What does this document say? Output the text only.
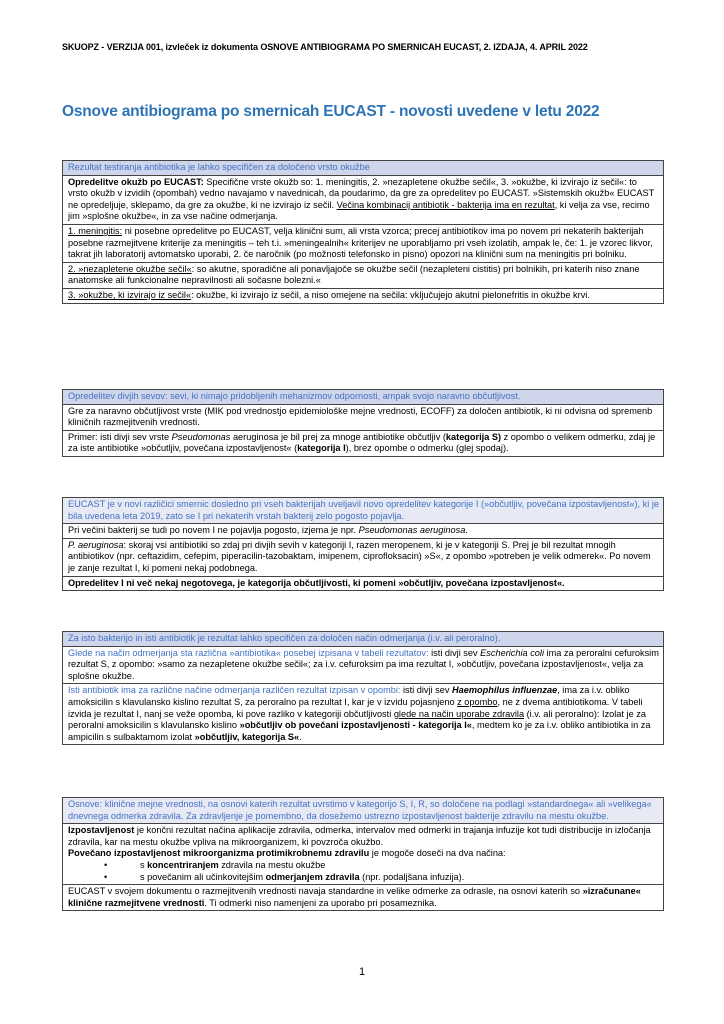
SKUOPZ - VERZIJA 001, izvleček iz dokumenta OSNOVE ANTIBIOGRAMA PO SMERNICAH EUCAST, 2. IZDAJA, 4. APRIL 2022
Osnove antibiograma po smernicah EUCAST - novosti uvedene v letu 2022
Rezultat testiranja antibiotika je lahko specifičen za določeno vrsto okužbe
Opredelitve okužb po EUCAST: Specifične vrste okužb so: 1. meningitis, 2. »nezapletene okužbe sečil«, 3. »okužbe, ki izvirajo iz sečil«: to vrsto okužb v izvidih (opombah) vedno navajamo v navednicah, da poudarimo, da gre za opredelitev po EUCAST. »Sistemskih okužb« EUCAST ne opredeljuje, sklepamo, da gre za okužbe, ki ne izvirajo iz sečil. Večina kombinacij antibiotik - bakterija ima en rezultat, ki velja za vse, recimo jim »splošne okužbe«, in za vse načine odmerjanja.
1. meningitis: ni posebne opredelitve po EUCAST, velja klinični sum, ali vrsta vzorca; precej antibiotikov ima po novem pri nekaterih bakterijah posebne razmejitvene kriterije za meningitis – teh t.i. »meningealnih« kriterijev ne uporabljamo pri vseh izolatih, ampak le, če: 1. je vzorec likvor, takrat jih laboratorij avtomatsko uporabi, 2. če naročnik (po možnosti telefonsko in pisno) opozori na klinični sum na meningitis pri bolniku.
2. »nezapletene okužbe sečil«: so akutne, sporadične ali ponavljajoče se okužbe sečil (nezapleteni cistitis) pri bolnikih, pri katerih niso znane anatomske ali funkcionalne nepravilnosti ali sočasne bolezni.«
3. »okužbe, ki izvirajo iz sečil«: okužbe, ki izvirajo iz sečil, a niso omejene na sečila: vključujejo akutni pielonefritis in okužbe krvi.
Opredelitev divjih sevov: sevi, ki nimajo pridobljenih mehanizmov odpornosti, ampak svojo naravno občutljivost.
Gre za naravno občutljivost vrste (MIK pod vrednostjo epidemiološke mejne vrednosti, ECOFF) za določen antibiotik, ki ni odvisna od spremenb kliničnih razmejitvenih vrednosti.
Primer: isti divji sev vrste Pseudomonas aeruginosa je bil prej za mnoge antibiotike občutljiv (kategorija S) z opombo o velikem odmerku, zdaj je za iste antibiotike »občutljiv, povečana izpostavljenost« (kategorija I), brez opombe o odmerku (glej spodaj).
EUCAST je v novi različici smernic dosledno pri vseh bakterijah uveljavil novo opredelitev kategorije I (»občutljiv, povečana izpostavljenost«), ki je bila uvedena leta 2019, zato se I pri nekaterih vrstah bakterij zelo pogosto pojavlja.
Pri večini bakterij se tudi po novem I ne pojavlja pogosto, izjema je npr. Pseudomonas aeruginosa.
P. aeruginosa: skoraj vsi antibiotiki so zdaj pri divjih sevih v kategoriji I, razen meropenem, ki je v kategoriji S. Prej je bil rezultat mnogih antibiotikov (npr. ceftazidim, cefepim, piperacilin-tazobaktam, imipenem, ciprofloksacin) »S«, z opombo »potreben je velik odmerek«. Po novem je zanje rezultat I, ki pomeni nekaj podobnega.
Opredelitev I ni več nekaj negotovega, je kategorija občutljivosti, ki pomeni »občutljiv, povečana izpostavljenost«.
Za isto bakterijo in isti antibiotik je rezultat lahko specifičen za določen način odmerjanja (i.v. ali peroralno).
Glede na način odmerjanja sta različna »antibiotika« posebej izpisana v tabeli rezultatov: isti divji sev Escherichia coli ima za peroralni cefuroksim rezultat S, z opombo: »samo za nezapletene okužbe sečil«; za i.v. cefuroksim pa ima rezultat I, »občutljiv, povečana izpostavljenost«, velja za splošne okužbe.
Isti antibiotik ima za različne načine odmerjanja različen rezultat izpisan v opombi: isti divji sev Haemophilus influenzae, ima za i.v. obliko amoksicilin s klavulansko kislino rezultat S, za peroralno pa rezultat I, kar je v izvidu pojasnjeno z opombo, ne z dvema antibiotikoma. V tabeli izvida je rezultat I, nanj se veže opomba, ki pove razliko v kategoriji občutljivosti glede na način uporabe zdravila (i.v. ali peroralno): Izolat je za peroralni amoksicilin s klavulansko kislino »občutljiv ob povečani izpostavljenosti - kategorija I«, medtem ko je za i.v. obliko antibiotika in za ampicilin s sulbaktamom izolat »občutljiv, kategorija S«.
Osnove: klinične mejne vrednosti, na osnovi katerih rezultat uvrstimo v kategorijo S, I, R, so določene na podlagi »standardnega« ali »velikega« dnevnega odmerka zdravila. Za zdravljenje je pomembno, da dosežemo ustrezno izpostavljenost bakterije zdravilu na mestu okužbe.
Izpostavljenost je končni rezultat načina aplikacije zdravila, odmerka, intervalov med odmerki in trajanja infuzije kot tudi distribucije in izločanja zdravila, kar na mestu okužbe vpliva na mikroorganizem, ki povzroča okužbo.
Povečano izpostavljenost mikroorganizma protimikrobnemu zdravilu je mogoče doseči na dva načina:
• s koncentriranjem zdravila na mestu okužbe
• s povečanim ali učinkovitejšim odmerjanjem zdravila (npr. podaljšana infuzija).
EUCAST v svojem dokumentu o razmejitvenih vrednosti navaja standardne in velike odmerke za odrasle, na osnovi katerih so »izračunane« klinične razmejitvene vrednosti. Ti odmerki niso namenjeni za uporabo pri posameznika.
1
